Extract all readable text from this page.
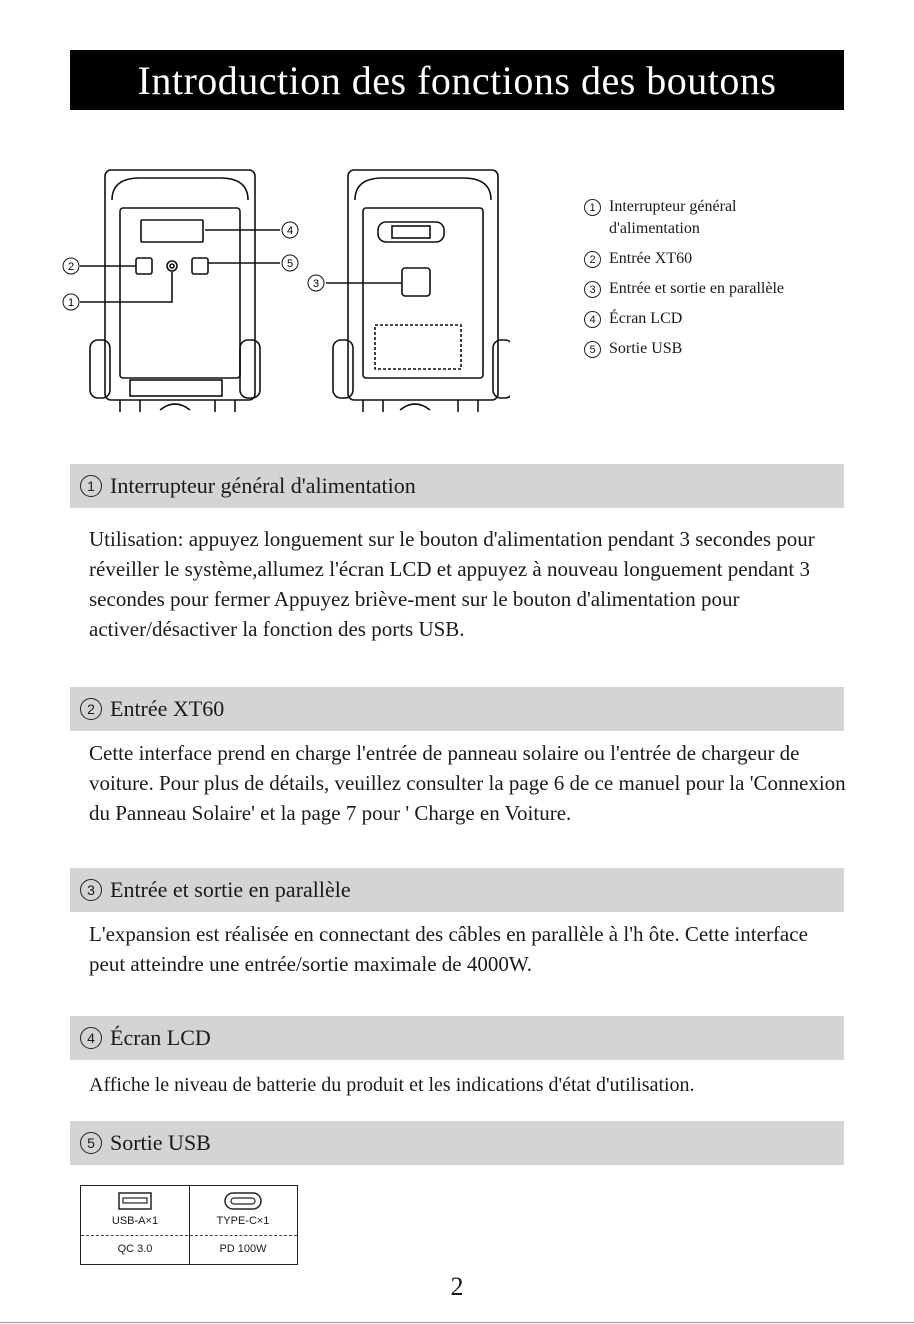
Introduction des fonctions des boutons
4
5
2
1
3
1 Interrupteur général
d'alimentation
2 Entrée XT60
3 Entrée et sortie en parallèle
4 Écran LCD
5 Sortie USB
1 Interrupteur général d'alimentation

Utilisation: appuyez longuement sur le bouton d'alimentation pendant 3 secondes pour réveiller le système,allumez l'écran LCD et appuyez à nouveau longuement pendant 3 secondes pour fermer Appuyez briève-ment sur le bouton d'alimentation pour activer/désactiver la fonction des ports USB.

2 Entrée XT60

Cette interface prend en charge l'entrée de panneau solaire ou l'entrée de chargeur de voiture. Pour plus de détails, veuillez consulter la page 6 de ce manuel pour la 'Connexion du Panneau Solaire' et la page 7 pour ' Charge en Voiture.

3 Entrée et sortie en parallèle

L'expansion est réalisée en connectant des câbles en parallèle à l'h ôte. Cette interface peut atteindre une entrée/sortie maximale de 4000W.

4 Écran LCD

Affiche le niveau de batterie du produit et les indications d'état d'utilisation.

5 Sortie USB
USB-A×1
QC 3.0
TYPE-C×1
PD 100W
2
